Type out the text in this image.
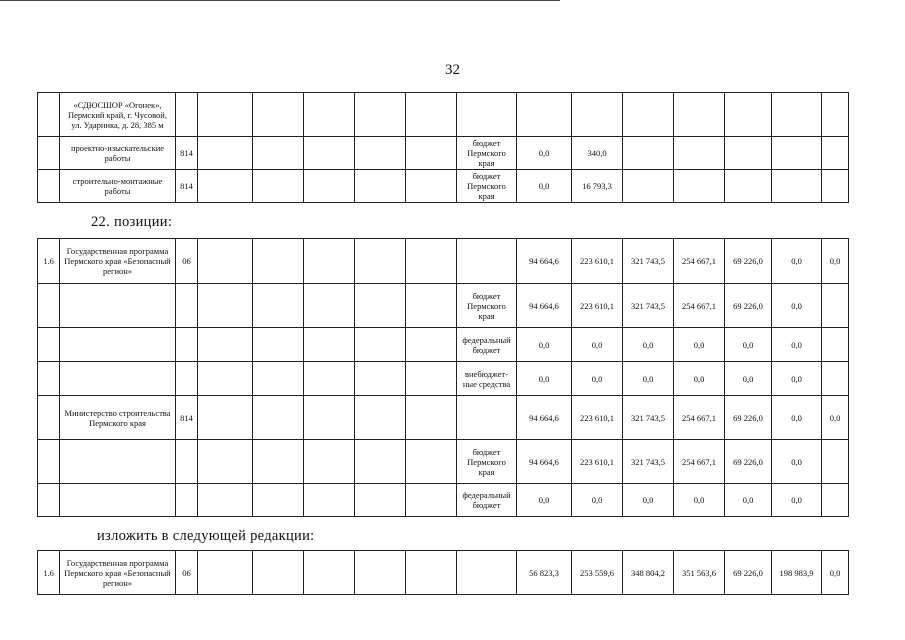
32
	«СДЮСШОР «Огонек», Пермский край, г. Чусовой, ул. Ударника, д. 28, 385 м														
	проектно-изыскательские работы	814						бюджет Пермского края	0,0	340,0					
	строительно-монтажные работы	814						бюджет Пермского края	0,0	16 793,3					
22. позиции:
1.6	Государственная программа Пермского края «Безопасный регион»	06							94 664,6	223 610,1	321 743,5	254 667,1	69 226,0	0,0	0,0
								бюджет Пермского края	94 664,6	223 610,1	321 743,5	254 667,1	69 226,0	0,0	
								федеральный бюджет	0,0	0,0	0,0	0,0	0,0	0,0	
								внебюджет-ные средства	0,0	0,0	0,0	0,0	0,0	0,0	
	Министерство строительства Пермского края	814							94 664,6	223 610,1	321 743,5	254 667,1	69 226,0	0,0	0,0
								бюджет Пермского края	94 664,6	223 610,1	321 743,5	254 667,1	69 226,0	0,0	
								федеральный бюджет	0,0	0,0	0,0	0,0	0,0	0,0	
изложить в следующей редакции:
1.6	Государственная программа Пермского края «Безопасный регион»	06							56 823,3	253 559,6	348 804,2	351 563,6	69 226,0	198 983,9	0,0
